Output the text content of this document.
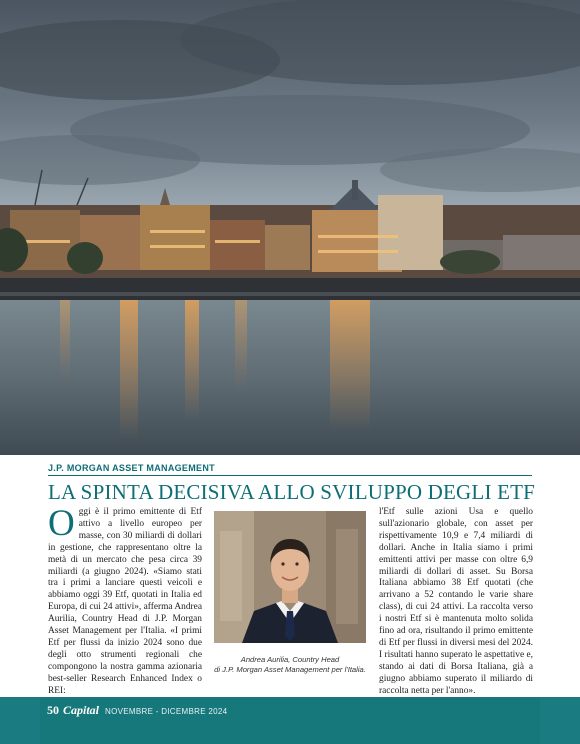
J.P. MORGAN ASSET MANAGEMENT
LA SPINTA DECISIVA ALLO SVILUPPO DEGLI ETF
Oggi è il primo emittente di Etf attivo a livello europeo per masse, con 30 miliardi di dollari in gestione, che rappresentano oltre la metà di un mercato che pesa circa 39 miliardi (a giugno 2024). «Siamo stati tra i primi a lanciare questi veicoli e abbiamo oggi 39 Etf, quotati in Italia ed Europa, di cui 24 attivi», afferma Andrea Aurilia, Country Head di J.P. Morgan Asset Management per l'Italia. «I primi Etf per flussi da inizio 2024 sono due degli otto strumenti regionali che compongono la nostra gamma azionaria best-seller Research Enhanced Index o REI:
Andrea Aurilia, Country Head
di J.P. Morgan Asset Management per l'Italia.
l'Etf sulle azioni Usa e quello sull'azionario globale, con asset per rispettivamente 10,9 e 7,4 miliardi di dollari. Anche in Italia siamo i primi emittenti attivi per masse con oltre 6,9 miliardi di dollari di asset. Su Borsa Italiana abbiamo 38 Etf quotati (che arrivano a 52 contando le varie share class), di cui 24 attivi. La raccolta verso i nostri Etf si è mantenuta molto solida fino ad ora, risultando il primo emittente di Etf per flussi in diversi mesi del 2024. I risultati hanno superato le aspettative e, stando ai dati di Borsa Italiana, già a giugno abbiamo superato il miliardo di raccolta netta per l'anno».
50 Capital NOVEMBRE - DICEMBRE 2024
